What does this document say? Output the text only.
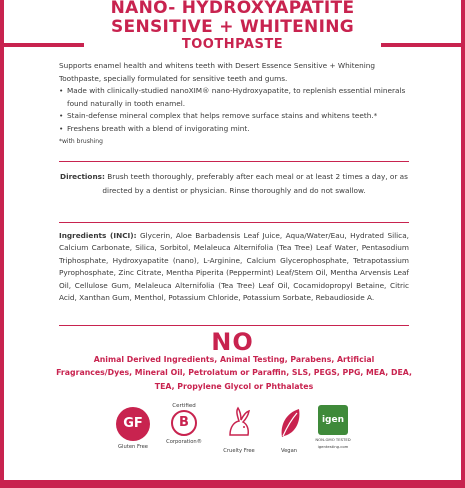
NANO- HYDROXYAPATITE
SENSITIVE + WHITENING
TOOTHPASTE
Supports enamel health and whitens teeth with Desert Essence Sensitive + Whitening Toothpaste, specially formulated for sensitive teeth and gums.
• Made with clinically-studied nanoXIM® nano-Hydroxyapatite, to replenish essential minerals found naturally in tooth enamel.
• Stain-defense mineral complex that helps remove surface stains and whitens teeth.*
• Freshens breath with a blend of invigorating mint.
*with brushing
Directions: Brush teeth thoroughly, preferably after each meal or at least 2 times a day, or as directed by a dentist or physician. Rinse thoroughly and do not swallow.
Ingredients (INCI): Glycerin, Aloe Barbadensis Leaf Juice, Aqua/Water/Eau, Hydrated Silica, Calcium Carbonate, Silica, Sorbitol, Melaleuca Alternifolia (Tea Tree) Leaf Water, Pentasodium Triphosphate, Hydroxyapatite (nano), L-Arginine, Calcium Glycerophosphate, Tetrapotassium Pyrophosphate, Zinc Citrate, Mentha Piperita (Peppermint) Leaf/Stem Oil, Mentha Arvensis Leaf Oil, Cellulose Gum, Melaleuca Alternifolia (Tea Tree) Leaf Oil, Cocamidopropyl Betaine, Citric Acid, Xanthan Gum, Menthol, Potassium Chloride, Potassium Sorbate, Rebaudioside A.
NO
Animal Derived Ingredients, Animal Testing, Parabens, Artificial Fragrances/Dyes, Mineral Oil, Petrolatum or Paraffin, SLS, PEGS, PPG, MEA, DEA, TEA, Propylene Glycol or Phthalates
GF
Gluten Free
Certified
B
Corporation®
Cruelty Free	Vegan
igen
NON-GMO TESTED
igentesting.com
